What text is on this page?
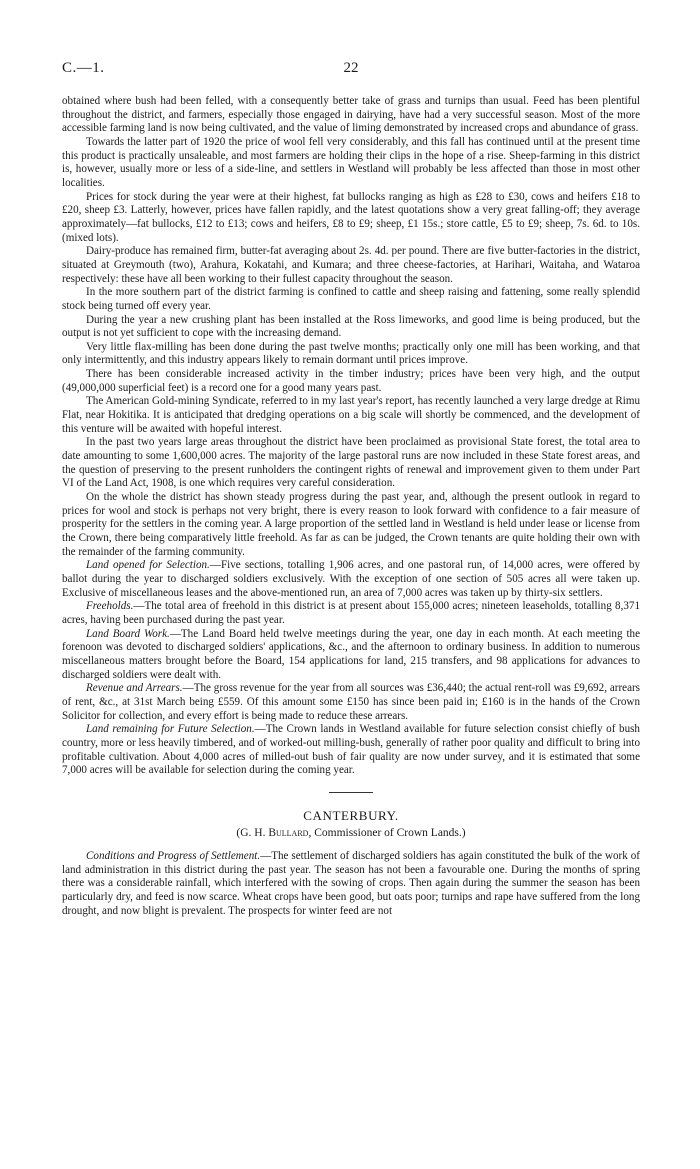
C.—1.	22

obtained where bush had been felled, with a consequently better take of grass and turnips than usual. Feed has been plentiful throughout the district, and farmers, especially those engaged in dairying, have had a very successful season. Most of the more accessible farming land is now being cultivated, and the value of liming demonstrated by increased crops and abundance of grass.

Towards the latter part of 1920 the price of wool fell very considerably, and this fall has continued until at the present time this product is practically unsaleable, and most farmers are holding their clips in the hope of a rise. Sheep-farming in this district is, however, usually more or less of a side-line, and settlers in Westland will probably be less affected than those in most other localities.

Prices for stock during the year were at their highest, fat bullocks ranging as high as £28 to £30, cows and heifers £18 to £20, sheep £3. Latterly, however, prices have fallen rapidly, and the latest quotations show a very great falling-off; they average approximately—fat bullocks, £12 to £13; cows and heifers, £8 to £9; sheep, £1 15s.; store cattle, £5 to £9; sheep, 7s. 6d. to 10s. (mixed lots).

Dairy-produce has remained firm, butter-fat averaging about 2s. 4d. per pound. There are five butter-factories in the district, situated at Greymouth (two), Arahura, Kokatahi, and Kumara; and three cheese-factories, at Harihari, Waitaha, and Wataroa respectively: these have all been working to their fullest capacity throughout the season.

In the more southern part of the district farming is confined to cattle and sheep raising and fattening, some really splendid stock being turned off every year.

During the year a new crushing plant has been installed at the Ross limeworks, and good lime is being produced, but the output is not yet sufficient to cope with the increasing demand.

Very little flax-milling has been done during the past twelve months; practically only one mill has been working, and that only intermittently, and this industry appears likely to remain dormant until prices improve.

There has been considerable increased activity in the timber industry; prices have been very high, and the output (49,000,000 superficial feet) is a record one for a good many years past.

The American Gold-mining Syndicate, referred to in my last year's report, has recently launched a very large dredge at Rimu Flat, near Hokitika. It is anticipated that dredging operations on a big scale will shortly be commenced, and the development of this venture will be awaited with hopeful interest.

In the past two years large areas throughout the district have been proclaimed as provisional State forest, the total area to date amounting to some 1,600,000 acres. The majority of the large pastoral runs are now included in these State forest areas, and the question of preserving to the present runholders the contingent rights of renewal and improvement given to them under Part VI of the Land Act, 1908, is one which requires very careful consideration.

On the whole the district has shown steady progress during the past year, and, although the present outlook in regard to prices for wool and stock is perhaps not very bright, there is every reason to look forward with confidence to a fair measure of prosperity for the settlers in the coming year. A large proportion of the settled land in Westland is held under lease or license from the Crown, there being comparatively little freehold. As far as can be judged, the Crown tenants are quite holding their own with the remainder of the farming community.

Land opened for Selection.—Five sections, totalling 1,906 acres, and one pastoral run, of 14,000 acres, were offered by ballot during the year to discharged soldiers exclusively. With the exception of one section of 505 acres all were taken up. Exclusive of miscellaneous leases and the above-mentioned run, an area of 7,000 acres was taken up by thirty-six settlers.

Freeholds.—The total area of freehold in this district is at present about 155,000 acres; nineteen leaseholds, totalling 8,371 acres, having been purchased during the past year.

Land Board Work.—The Land Board held twelve meetings during the year, one day in each month. At each meeting the forenoon was devoted to discharged soldiers' applications, &c., and the afternoon to ordinary business. In addition to numerous miscellaneous matters brought before the Board, 154 applications for land, 215 transfers, and 98 applications for advances to discharged soldiers were dealt with.

Revenue and Arrears.—The gross revenue for the year from all sources was £36,440; the actual rent-roll was £9,692, arrears of rent, &c., at 31st March being £559. Of this amount some £150 has since been paid in; £160 is in the hands of the Crown Solicitor for collection, and every effort is being made to reduce these arrears.

Land remaining for Future Selection.—The Crown lands in Westland available for future selection consist chiefly of bush country, more or less heavily timbered, and of worked-out milling-bush, generally of rather poor quality and difficult to bring into profitable cultivation. About 4,000 acres of milled-out bush of fair quality are now under survey, and it is estimated that some 7,000 acres will be available for selection during the coming year.

CANTERBURY.
(G. H. Bullard, Commissioner of Crown Lands.)

Conditions and Progress of Settlement.—The settlement of discharged soldiers has again constituted the bulk of the work of land administration in this district during the past year. The season has not been a favourable one. During the months of spring there was a considerable rainfall, which interfered with the sowing of crops. Then again during the summer the season has been particularly dry, and feed is now scarce. Wheat crops have been good, but oats poor; turnips and rape have suffered from the long drought, and now blight is prevalent. The prospects for winter feed are not
